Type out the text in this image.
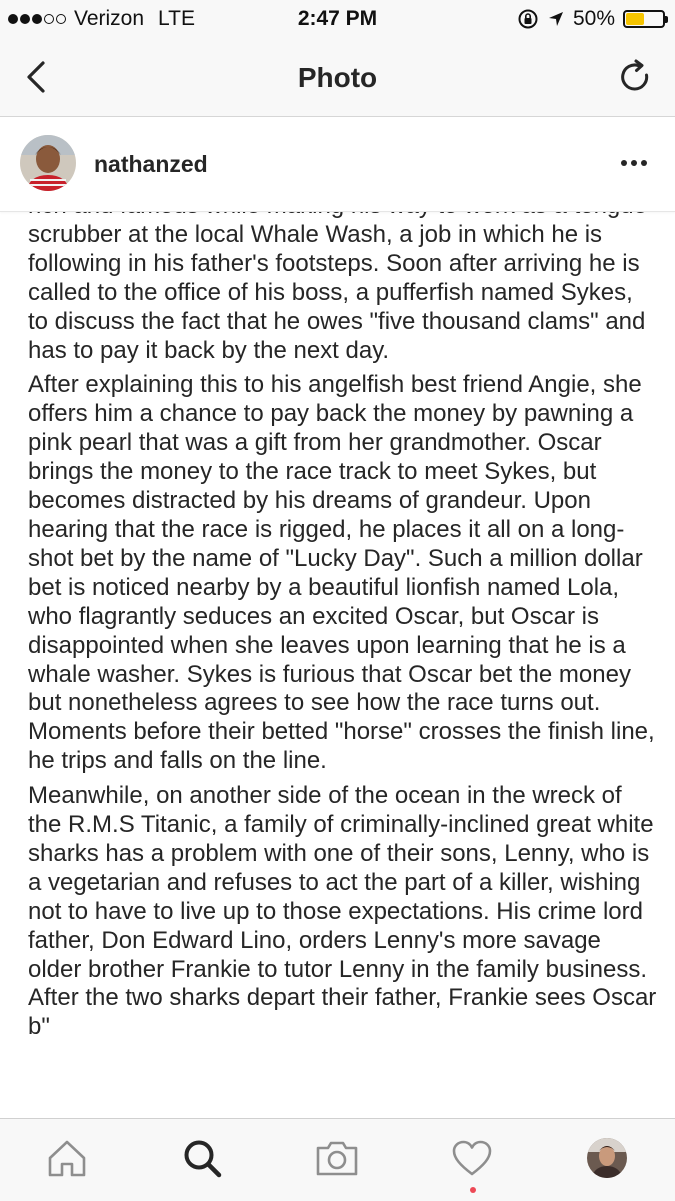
Verizon LTE	2:47 PM	50%
Photo
nathanzed

scrubber at the local Whale Wash, a job in which he is following in his father's footsteps. Soon after arriving he is called to the office of his boss, a pufferfish named Sykes, to discuss the fact that he owes "five thousand clams" and has to pay it back by the next day.

After explaining this to his angelfish best friend Angie, she offers him a chance to pay back the money by pawning a pink pearl that was a gift from her grandmother. Oscar brings the money to the race track to meet Sykes, but becomes distracted by his dreams of grandeur. Upon hearing that the race is rigged, he places it all on a long-shot bet by the name of "Lucky Day". Such a million dollar bet is noticed nearby by a beautiful lionfish named Lola, who flagrantly seduces an excited Oscar, but Oscar is disappointed when she leaves upon learning that he is a whale washer. Sykes is furious that Oscar bet the money but nonetheless agrees to see how the race turns out. Moments before their betted "horse" crosses the finish line, he trips and falls on the line.

Meanwhile, on another side of the ocean in the wreck of the R.M.S Titanic, a family of criminally-inclined great white sharks has a problem with one of their sons, Lenny, who is a vegetarian and refuses to act the part of a killer, wishing not to have to live up to those expectations. His crime lord father, Don Edward Lino, orders Lenny's more savage older brother Frankie to tutor Lenny in the family business. After the two sharks depart their father, Frankie sees Oscar b"
